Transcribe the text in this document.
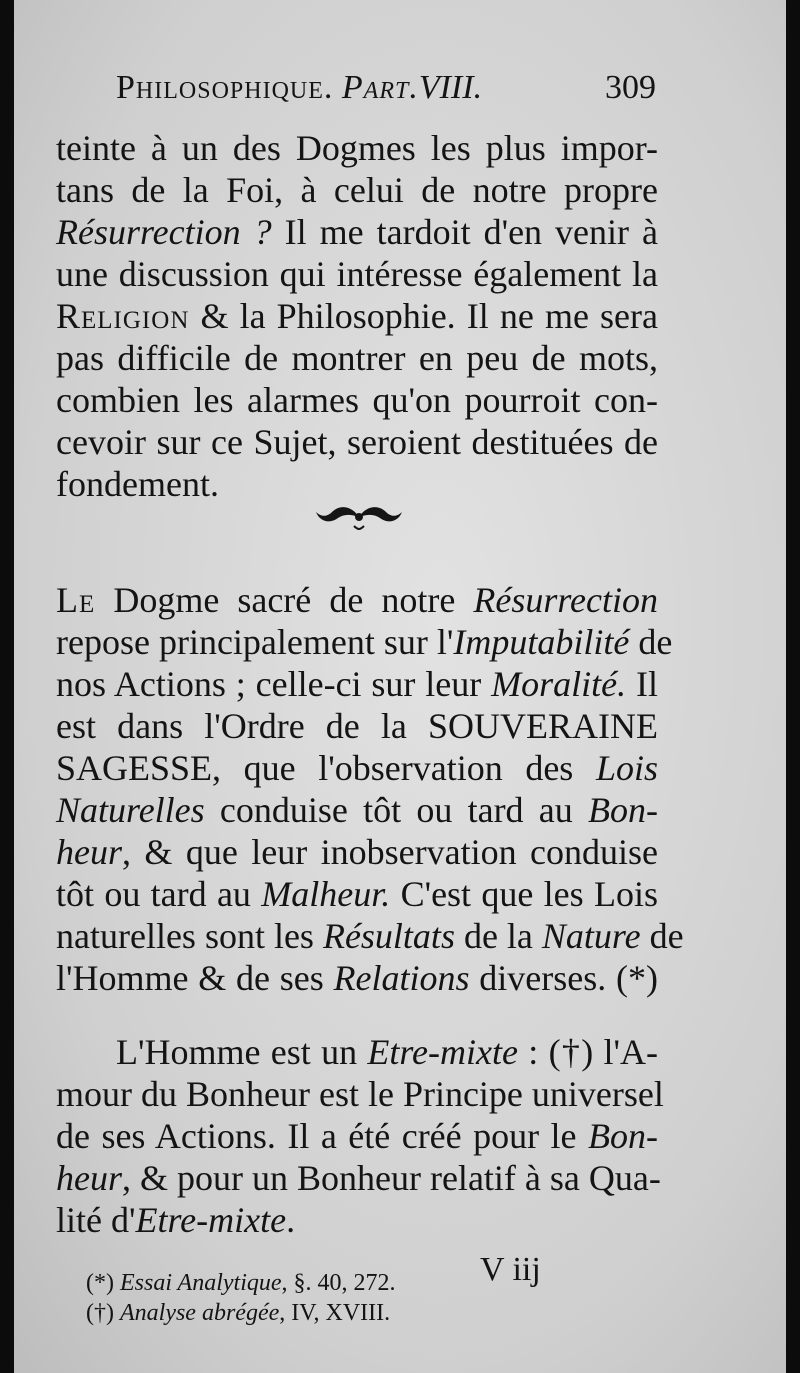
Philosophique. Part.VIII.	309
teinte à un des Dogmes les plus impor-
tans de la Foi, à celui de notre propre
Résurrection ? Il me tardoit d'en venir à
une discussion qui intéresse également la
Religion & la Philosophie. Il ne me sera
pas difficile de montrer en peu de mots,
combien les alarmes qu'on pourroit con-
cevoir sur ce Sujet, seroient destituées de
fondement.
Le Dogme sacré de notre Résurrection
repose principalement sur l'Imputabilité de
nos Actions ; celle-ci sur leur Moralité. Il
est dans l'Ordre de la SOUVERAINE
SAGESSE, que l'observation des Lois
Naturelles conduise tôt ou tard au Bon-
heur, & que leur inobservation conduise
tôt ou tard au Malheur. C'est que les Lois
naturelles sont les Résultats de la Nature de
l'Homme & de ses Relations diverses. (*)
L'Homme est un Etre-mixte : (†) l'A-
mour du Bonheur est le Principe universel
de ses Actions. Il a été créé pour le Bon-
heur, & pour un Bonheur relatif à sa Qua-
lité d'Etre-mixte.
(*) Essai Analytique, §. 40, 272.
(†) Analyse abrégée, IV, XVIII.
V iij
